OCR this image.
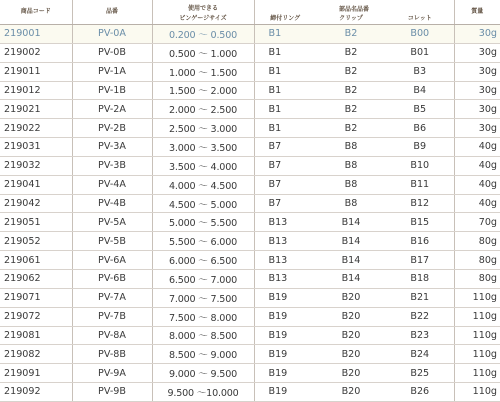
商品コード	品番	使用できる	部品名品番			質量
		ピンゲージサイズ	締付リング	クリップ	コレット	
219001	PV-0A	0.200 ～ 0.500	B1	B2	B00	30g
219002	PV-0B	0.500 ～ 1.000	B1	B2	B01	30g
219011	PV-1A	1.000 ～ 1.500	B1	B2	B3	30g
219012	PV-1B	1.500 ～ 2.000	B1	B2	B4	30g
219021	PV-2A	2.000 ～ 2.500	B1	B2	B5	30g
219022	PV-2B	2.500 ～ 3.000	B1	B2	B6	30g
219031	PV-3A	3.000 ～ 3.500	B7	B8	B9	40g
219032	PV-3B	3.500 ～ 4.000	B7	B8	B10	40g
219041	PV-4A	4.000 ～ 4.500	B7	B8	B11	40g
219042	PV-4B	4.500 ～ 5.000	B7	B8	B12	40g
219051	PV-5A	5.000 ～ 5.500	B13	B14	B15	70g
219052	PV-5B	5.500 ～ 6.000	B13	B14	B16	80g
219061	PV-6A	6.000 ～ 6.500	B13	B14	B17	80g
219062	PV-6B	6.500 ～ 7.000	B13	B14	B18	80g
219071	PV-7A	7.000 ～ 7.500	B19	B20	B21	110g
219072	PV-7B	7.500 ～ 8.000	B19	B20	B22	110g
219081	PV-8A	8.000 ～ 8.500	B19	B20	B23	110g
219082	PV-8B	8.500 ～ 9.000	B19	B20	B24	110g
219091	PV-9A	9.000 ～ 9.500	B19	B20	B25	110g
219092	PV-9B	9.500 ～10.000	B19	B20	B26	110g
